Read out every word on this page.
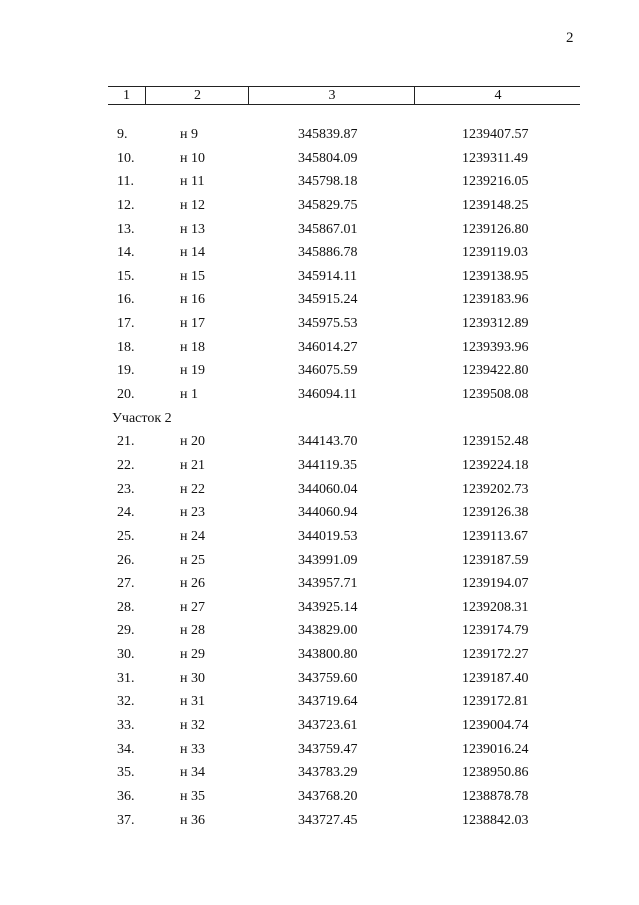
2
1	2	3	4
9.	н 9	345839.87	1239407.57
10.	н 10	345804.09	1239311.49
11.	н 11	345798.18	1239216.05
12.	н 12	345829.75	1239148.25
13.	н 13	345867.01	1239126.80
14.	н 14	345886.78	1239119.03
15.	н 15	345914.11	1239138.95
16.	н 16	345915.24	1239183.96
17.	н 17	345975.53	1239312.89
18.	н 18	346014.27	1239393.96
19.	н 19	346075.59	1239422.80
20.	н 1	346094.11	1239508.08
Участок 2
21.	н 20	344143.70	1239152.48
22.	н 21	344119.35	1239224.18
23.	н 22	344060.04	1239202.73
24.	н 23	344060.94	1239126.38
25.	н 24	344019.53	1239113.67
26.	н 25	343991.09	1239187.59
27.	н 26	343957.71	1239194.07
28.	н 27	343925.14	1239208.31
29.	н 28	343829.00	1239174.79
30.	н 29	343800.80	1239172.27
31.	н 30	343759.60	1239187.40
32.	н 31	343719.64	1239172.81
33.	н 32	343723.61	1239004.74
34.	н 33	343759.47	1239016.24
35.	н 34	343783.29	1238950.86
36.	н 35	343768.20	1238878.78
37.	н 36	343727.45	1238842.03
